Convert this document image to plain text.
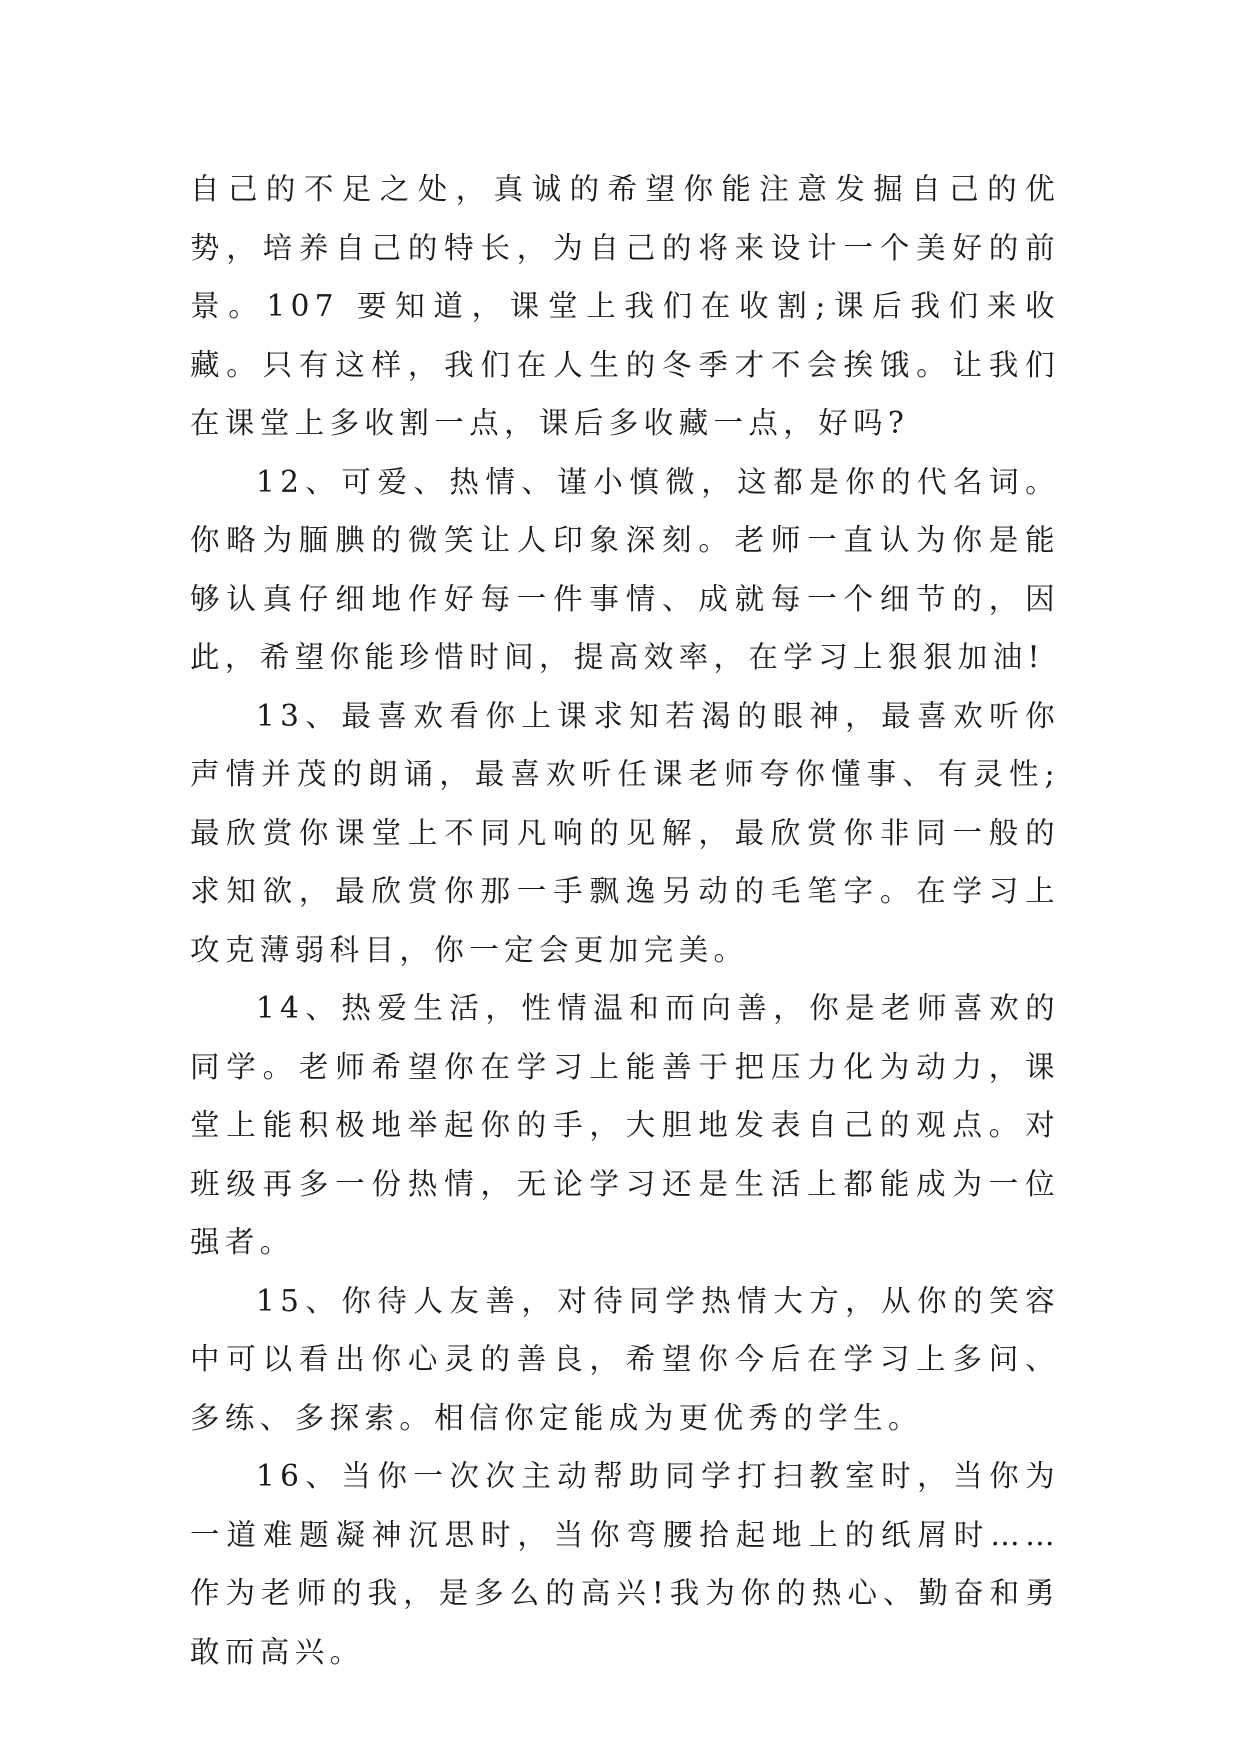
自己的不足之处，真诚的希望你能注意发掘自己的优势，培养自己的特长，为自己的将来设计一个美好的前景。107 要知道，课堂上我们在收割;课后我们来收藏。只有这样，我们在人生的冬季才不会挨饿。让我们在课堂上多收割一点，课后多收藏一点，好吗?

12、可爱、热情、谨小慎微，这都是你的代名词。你略为腼腆的微笑让人印象深刻。老师一直认为你是能够认真仔细地作好每一件事情、成就每一个细节的，因此，希望你能珍惜时间，提高效率，在学习上狠狠加油!

13、最喜欢看你上课求知若渴的眼神，最喜欢听你声情并茂的朗诵，最喜欢听任课老师夸你懂事、有灵性;最欣赏你课堂上不同凡响的见解，最欣赏你非同一般的求知欲，最欣赏你那一手飘逸另动的毛笔字。在学习上攻克薄弱科目，你一定会更加完美。

14、热爱生活，性情温和而向善，你是老师喜欢的同学。老师希望你在学习上能善于把压力化为动力，课堂上能积极地举起你的手，大胆地发表自己的观点。对班级再多一份热情，无论学习还是生活上都能成为一位强者。

15、你待人友善，对待同学热情大方，从你的笑容中可以看出你心灵的善良，希望你今后在学习上多问、多练、多探索。相信你定能成为更优秀的学生。

16、当你一次次主动帮助同学打扫教室时，当你为一道难题凝神沉思时，当你弯腰拾起地上的纸屑时……作为老师的我，是多么的高兴!我为你的热心、勤奋和勇敢而高兴。
